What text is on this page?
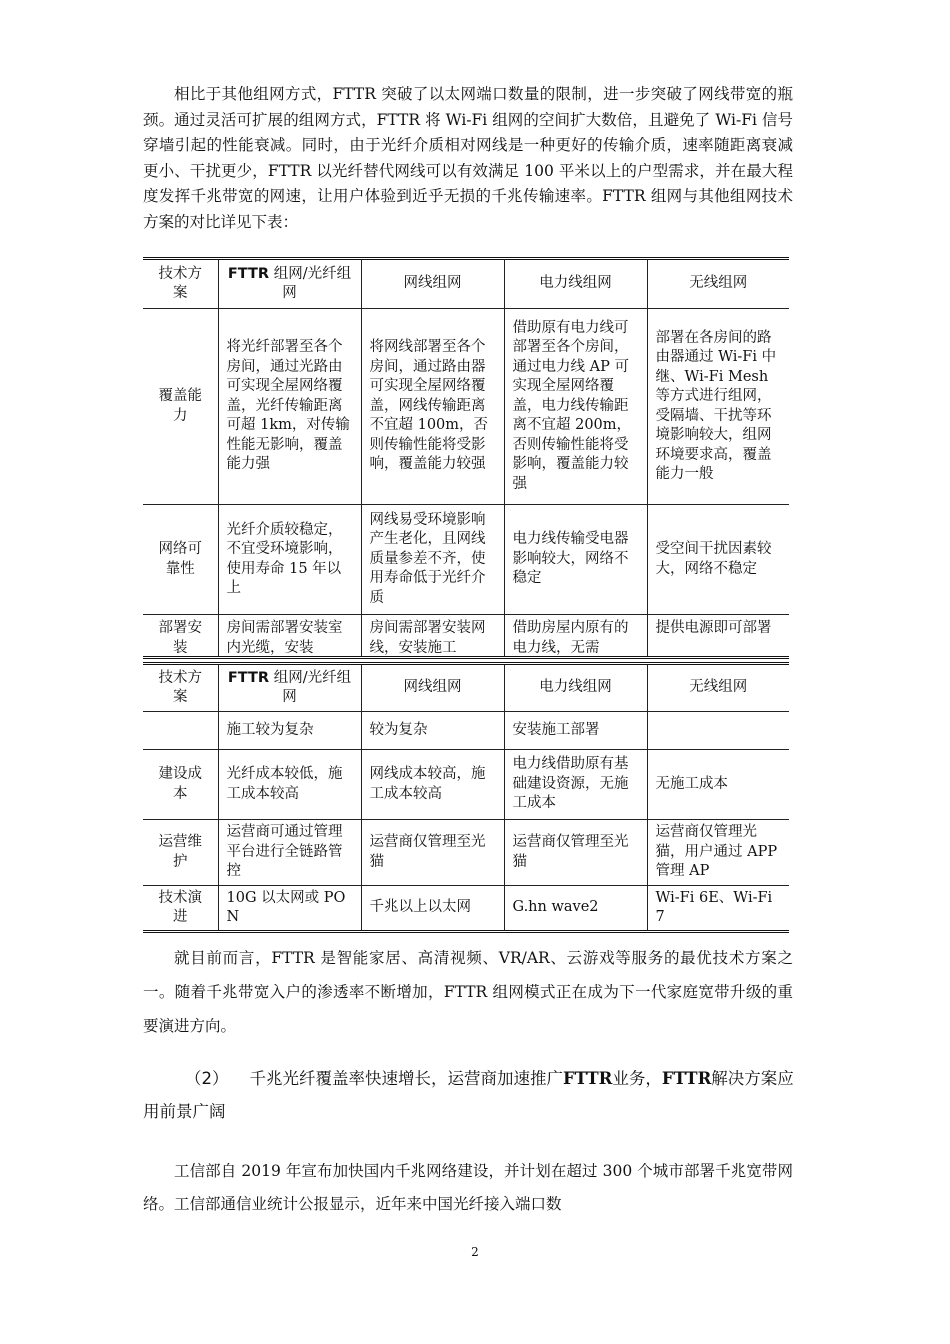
相比于其他组网方式，FTTR 突破了以太网端口数量的限制，进一步突破了网线带宽的瓶颈。通过灵活可扩展的组网方式，FTTR 将 Wi-Fi 组网的空间扩大数倍，且避免了 Wi-Fi 信号穿墙引起的性能衰减。同时，由于光纤介质相对网线是一种更好的传输介质，速率随距离衰减更小、干扰更少，FTTR 以光纤替代网线可以有效满足 100 平米以上的户型需求，并在最大程度发挥千兆带宽的网速，让用户体验到近乎无损的千兆传输速率。FTTR 组网与其他组网技术方案的对比详见下表：

技术方案	FTTR 组网/光纤组网	网线组网	电力线组网	无线组网
覆盖能力	将光纤部署至各个房间，通过光路由可实现全屋网络覆盖，光纤传输距离可超 1km，对传输性能无影响，覆盖能力强	将网线部署至各个房间，通过路由器可实现全屋网络覆盖，网线传输距离不宜超 100m，否则传输性能将受影响，覆盖能力较强	借助原有电力线可部署至各个房间，通过电力线 AP 可实现全屋网络覆盖，电力线传输距离不宜超 200m，否则传输性能将受影响，覆盖能力较强	部署在各房间的路由器通过 Wi-Fi 中继、Wi-Fi Mesh 等方式进行组网，受隔墙、干扰等环境影响较大，组网环境要求高，覆盖能力一般
网络可靠性	光纤介质较稳定，不宜受环境影响，使用寿命 15 年以上	网线易受环境影响产生老化，且网线质量参差不齐，使用寿命低于光纤介质	电力线传输受电器影响较大，网络不稳定	受空间干扰因素较大，网络不稳定

部署安装	房间需部署安装室内光缆，安装	房间需部署安装网线，安装施工	借助房屋内原有的电力线，无需	提供电源即可部署
技术方案	FTTR 组网/光纤组网	网线组网	电力线组网	无线组网
	施工较为复杂	较为复杂	安装施工部署	
建设成本	光纤成本较低，施工成本较高	网线成本较高，施工成本较高	电力线借助原有基础建设资源，无施工成本	无施工成本
运营维护	运营商可通过管理平台进行全链路管控	运营商仅管理至光猫	运营商仅管理至光猫	运营商仅管理光猫，用户通过 APP 管理 AP
技术演进	10G 以太网或 PON	千兆以上以太网	G.hn wave2	Wi-Fi 6E、Wi-Fi 7

就目前而言，FTTR 是智能家居、高清视频、VR/AR、云游戏等服务的最优技术方案之一。随着千兆带宽入户的渗透率不断增加，FTTR 组网模式正在成为下一代家庭宽带升级的重要演进方向。

（2） 千兆光纤覆盖率快速增长，运营商加速推广FTTR业务，FTTR解决方案应用前景广阔

工信部自 2019 年宣布加快国内千兆网络建设，并计划在超过 300 个城市部署千兆宽带网络。工信部通信业统计公报显示，近年来中国光纤接入端口数

2
